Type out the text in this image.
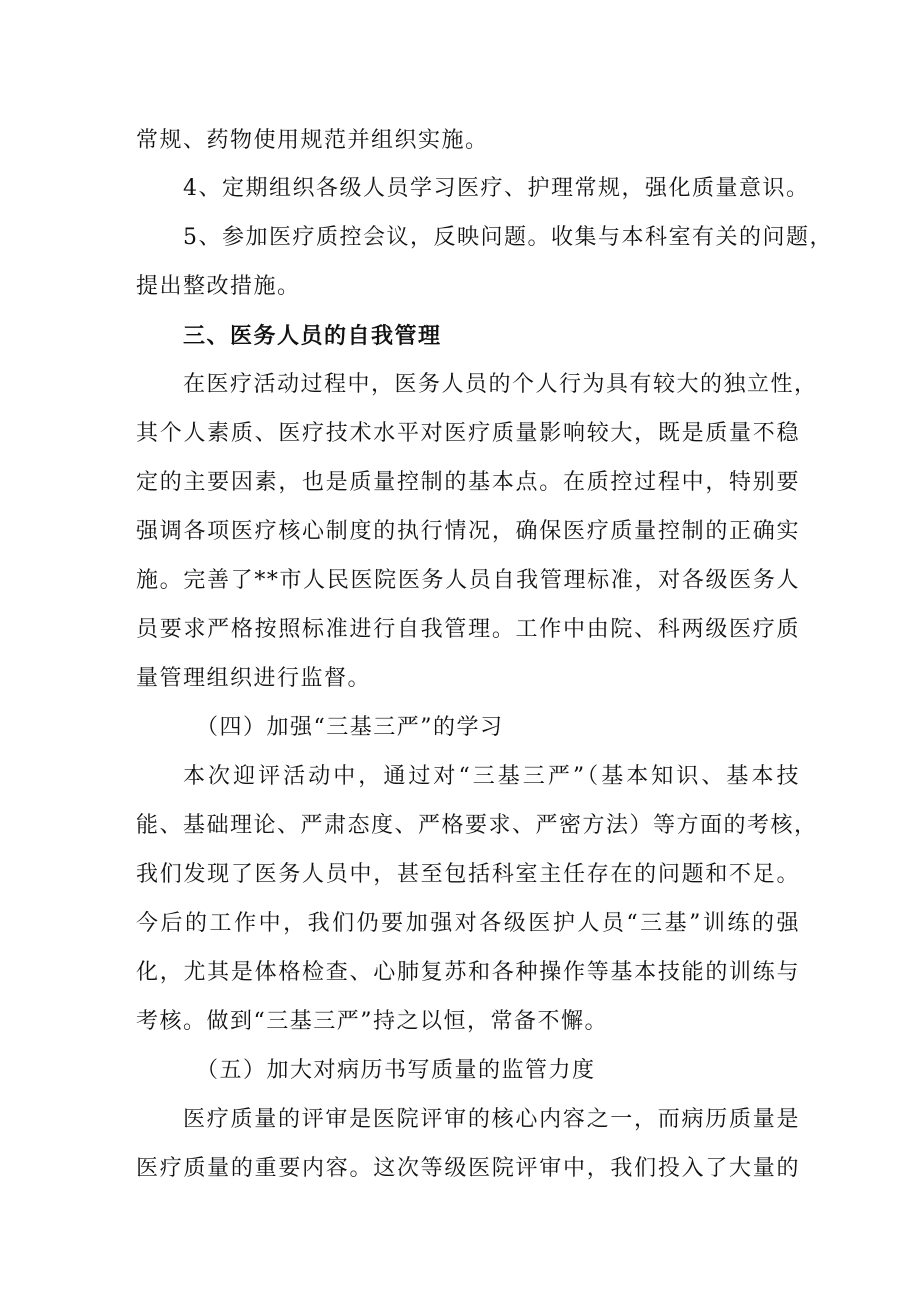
常规、药物使用规范并组织实施。
4、定期组织各级人员学习医疗、护理常规，强化质量意识。
5、参加医疗质控会议，反映问题。收集与本科室有关的问题，
提出整改措施。
三、医务人员的自我管理
在医疗活动过程中，医务人员的个人行为具有较大的独立性，
其个人素质、医疗技术水平对医疗质量影响较大，既是质量不稳
定的主要因素，也是质量控制的基本点。在质控过程中，特别要
强调各项医疗核心制度的执行情况，确保医疗质量控制的正确实
施。完善了**市人民医院医务人员自我管理标准，对各级医务人
员要求严格按照标准进行自我管理。工作中由院、科两级医疗质
量管理组织进行监督。
（四）加强“三基三严”的学习
本次迎评活动中，通过对“三基三严”（基本知识、基本技
能、基础理论、严肃态度、严格要求、严密方法）等方面的考核，
我们发现了医务人员中，甚至包括科室主任存在的问题和不足。
今后的工作中，我们仍要加强对各级医护人员“三基”训练的强
化，尤其是体格检查、心肺复苏和各种操作等基本技能的训练与
考核。做到“三基三严”持之以恒，常备不懈。
（五）加大对病历书写质量的监管力度
医疗质量的评审是医院评审的核心内容之一，而病历质量是
医疗质量的重要内容。这次等级医院评审中，我们投入了大量的
